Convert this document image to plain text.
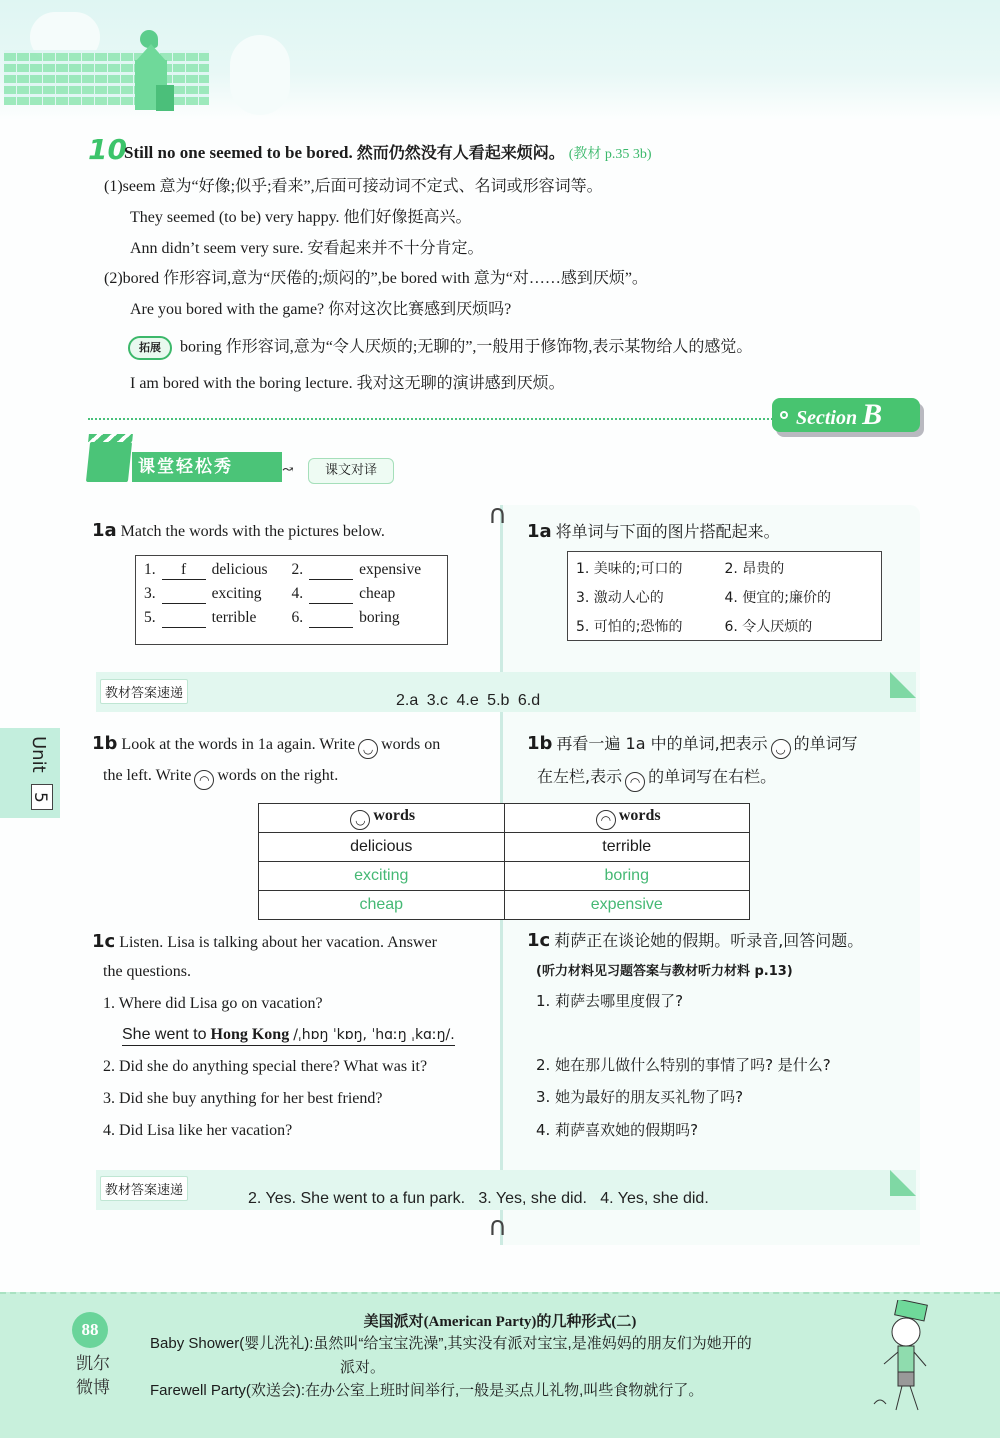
10
Still no one seemed to be bored. 然而仍然没有人看起来烦闷。 (教材 p.35 3b)
(1)seem 意为“好像;似乎;看来”,后面可接动词不定式、名词或形容词等。
They seemed (to be) very happy. 他们好像挺高兴。
Ann didn’t seem very sure. 安看起来并不十分肯定。
(2)bored 作形容词,意为“厌倦的;烦闷的”,be bored with 意为“对……感到厌烦”。
Are you bored with the game? 你对这次比赛感到厌烦吗?
拓展 boring 作形容词,意为“令人厌烦的;无聊的”,一般用于修饰物,表示某物给人的感觉。
I am bored with the boring lecture. 我对这无聊的演讲感到厌烦。
Section B
课堂轻松秀	↝	课文对译
∩
∩
1a Match the words with the pictures below.
1. f delicious	2.	expensive
3.	exciting	4.	cheap
5.	terrible	6.	boring
1a 将单词与下面的图片搭配起来。
1. 美味的;可口的	2. 昂贵的
3. 激动人心的	4. 便宜的;廉价的
5. 可怕的;恐怖的	6. 令人厌烦的
教材答案速递	2.a 3.c 4.e 5.b 6.d
Unit
5
1b Look at the words in 1a again. Write ◡ words on
the left. Write ◠ words on the right.
1b 再看一遍 1a 中的单词,把表示 ◡ 的单词写
在左栏,表示 ◠ 的单词写在右栏。
◡ words	◠ words
delicious	terrible
exciting	boring
cheap	expensive
1c Listen. Lisa is talking about her vacation. Answer
the questions.
1. Where did Lisa go on vacation?
She went to Hong Kong /ˌhɒŋ ˈkɒŋ, ˈhɑːŋ ˌkɑːŋ/.
2. Did she do anything special there? What was it?
3. Did she buy anything for her best friend?
4. Did Lisa like her vacation?
1c 莉萨正在谈论她的假期。听录音,回答问题。
(听力材料见习题答案与教材听力材料 p.13)
1. 莉萨去哪里度假了?
2. 她在那儿做什么特别的事情了吗? 是什么?
3. 她为最好的朋友买礼物了吗?
4. 莉萨喜欢她的假期吗?
教材答案速递	2. Yes. She went to a fun park.   3. Yes, she did.   4. Yes, she did.
88
凯尔
微博
美国派对(American Party)的几种形式(二)
Baby Shower(婴儿洗礼):虽然叫“给宝宝洗澡”,其实没有派对宝宝,是准妈妈的朋友们为她开的
派对。
Farewell Party(欢送会):在办公室上班时间举行,一般是买点儿礼物,叫些食物就行了。
